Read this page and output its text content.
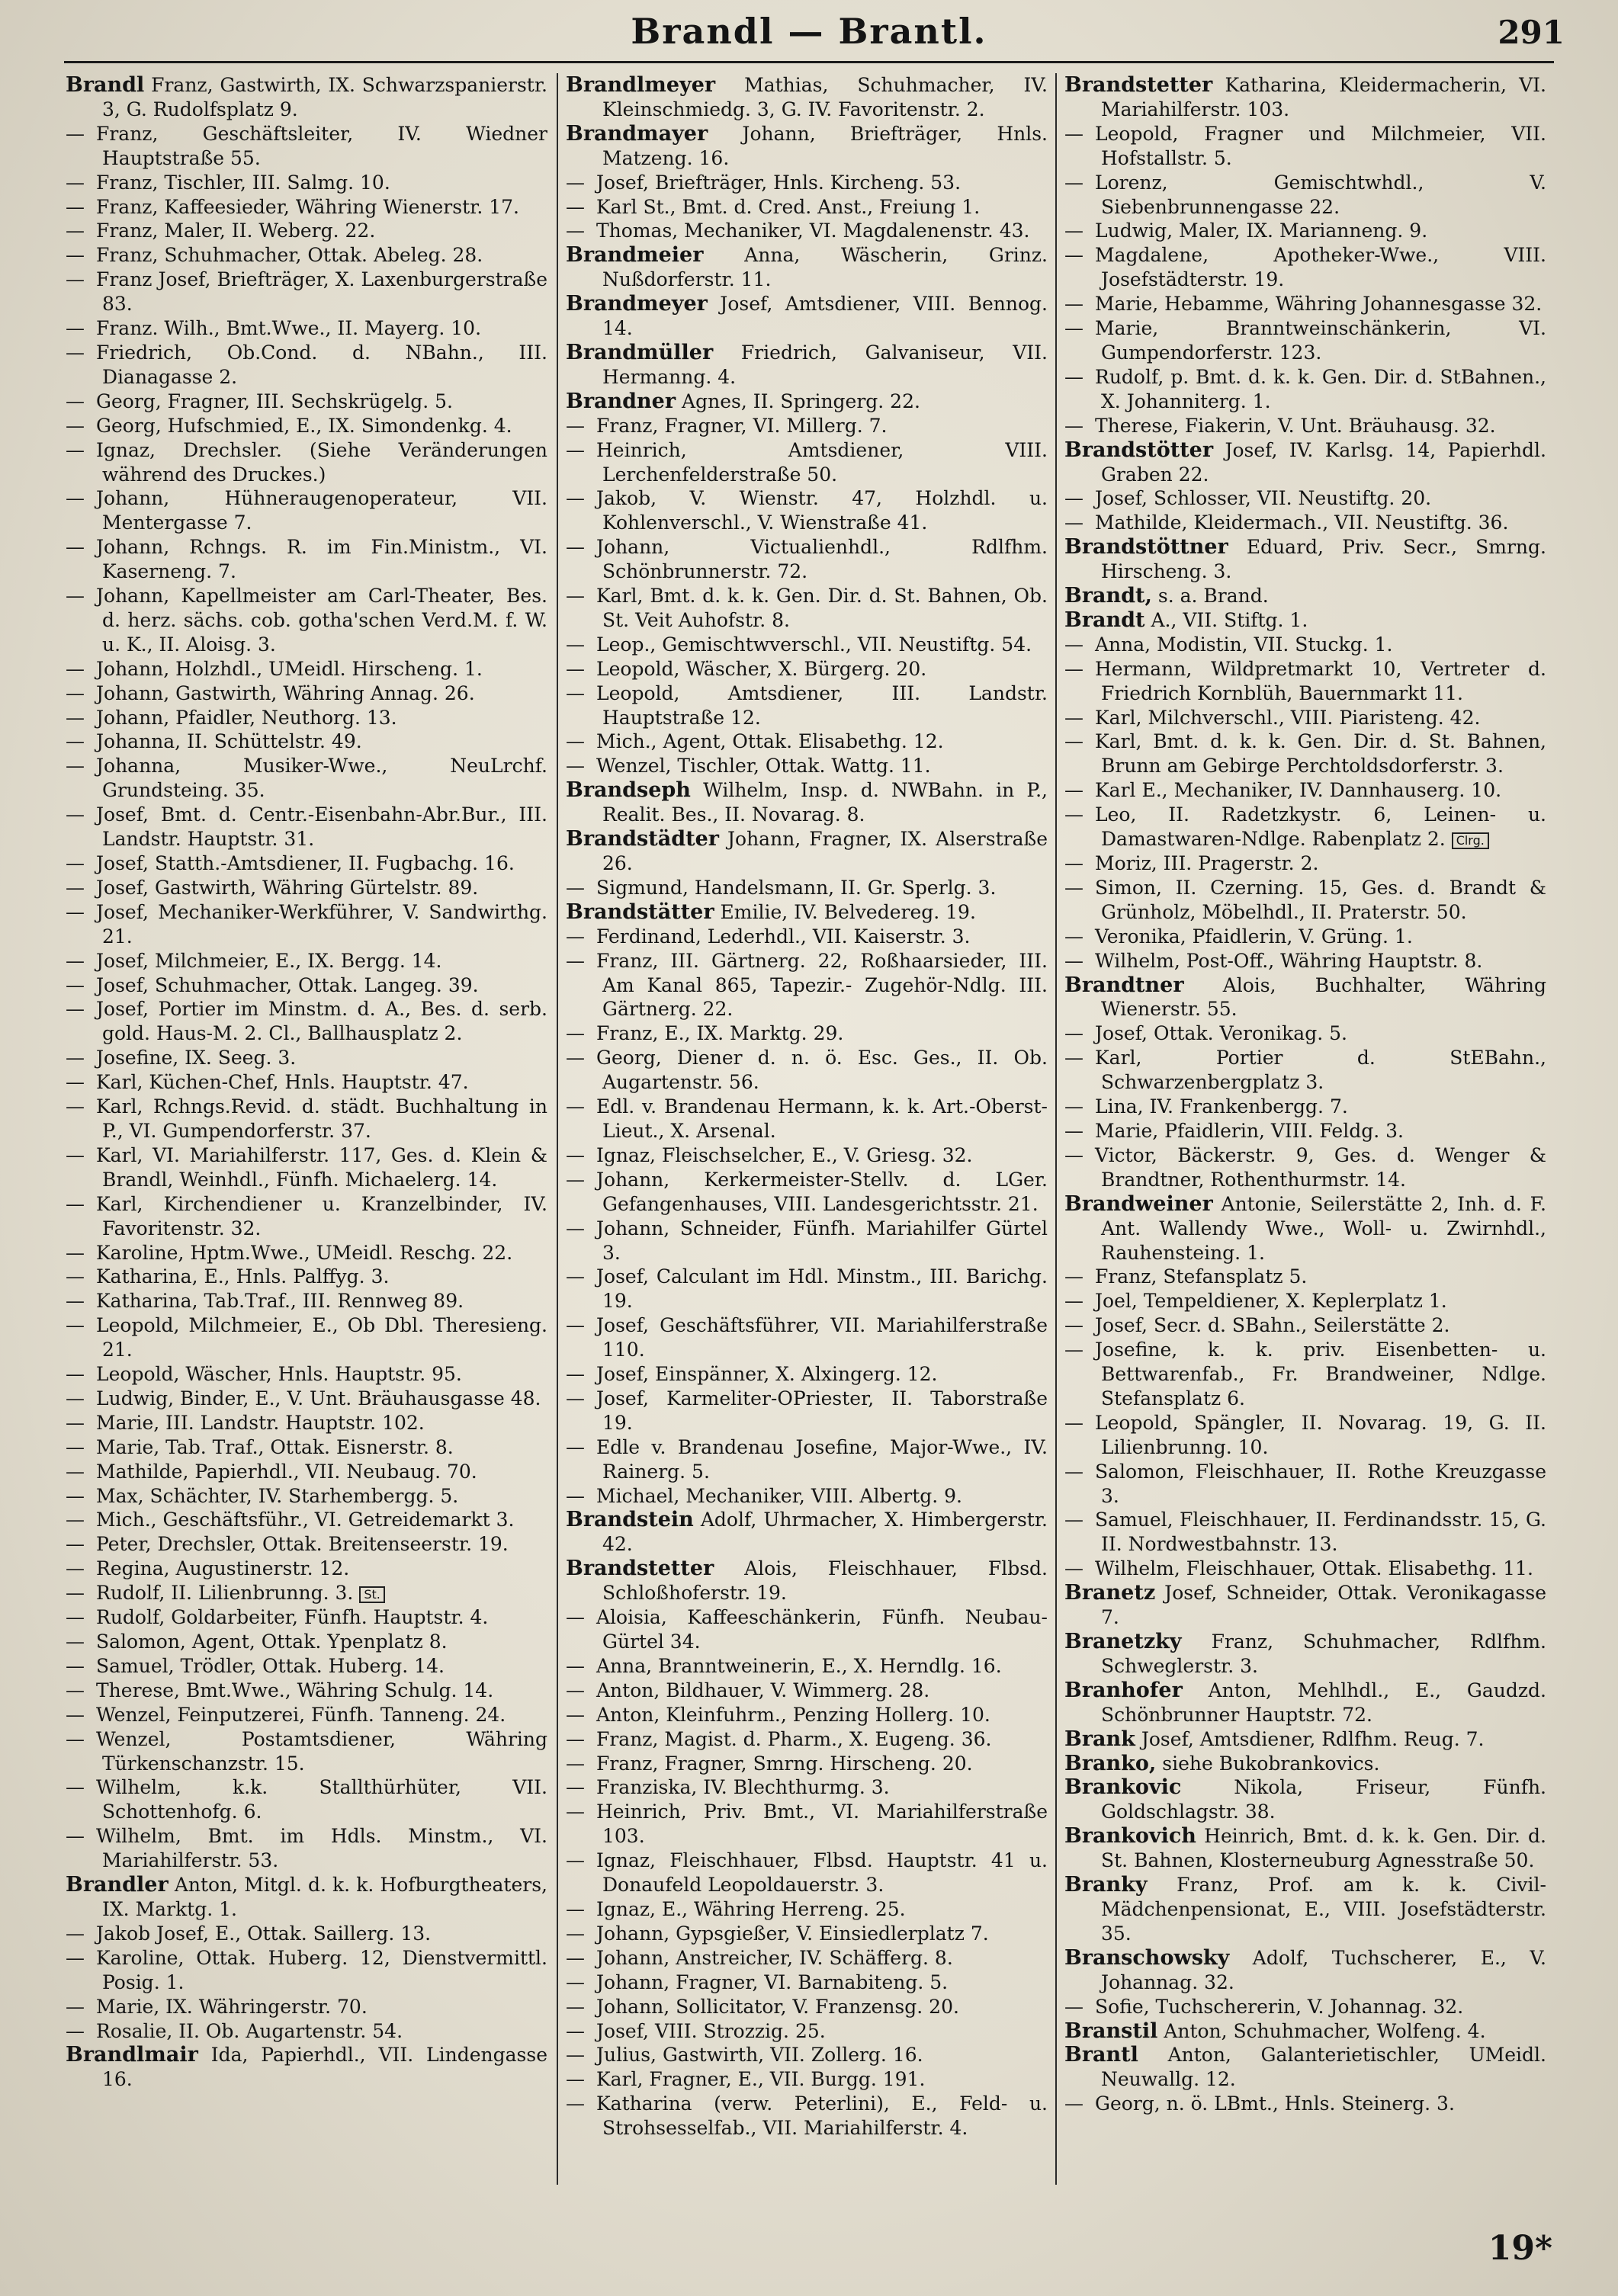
Brandl — Brantl.	291

Brandl Franz, Gastwirth, IX. Schwarzspanierstr. 3, G. Rudolfsplatz 9.

— Franz, Geschäftsleiter, IV. Wiedner Hauptstraße 55.

— Franz, Tischler, III. Salmg. 10.

— Franz, Kaffeesieder, Währing Wienerstr. 17.

— Franz, Maler, II. Weberg. 22.

— Franz, Schuhmacher, Ottak. Abeleg. 28.

— Franz Josef, Briefträger, X. Laxenburgerstraße 83.

— Franz. Wilh., Bmt.Wwe., II. Mayerg. 10.

— Friedrich, Ob.Cond. d. NBahn., III. Dianagasse 2.

— Georg, Fragner, III. Sechskrügelg. 5.

— Georg, Hufschmied, E., IX. Simondenkg. 4.

— Ignaz, Drechsler. (Siehe Veränderungen während des Druckes.)

— Johann, Hühneraugenoperateur, VII. Mentergasse 7.

— Johann, Rchngs. R. im Fin.Ministm., VI. Kaserneng. 7.

— Johann, Kapellmeister am Carl-Theater, Bes. d. herz. sächs. cob. gotha'schen Verd.M. f. W. u. K., II. Aloisg. 3.

— Johann, Holzhdl., UMeidl. Hirscheng. 1.

— Johann, Gastwirth, Währing Annag. 26.

— Johann, Pfaidler, Neuthorg. 13.

— Johanna, II. Schüttelstr. 49.

— Johanna, Musiker-Wwe., NeuLrchf. Grundsteing. 35.

— Josef, Bmt. d. Centr.-Eisenbahn-Abr.Bur., III. Landstr. Hauptstr. 31.

— Josef, Statth.-Amtsdiener, II. Fugbachg. 16.

— Josef, Gastwirth, Währing Gürtelstr. 89.

— Josef, Mechaniker-Werkführer, V. Sandwirthg. 21.

— Josef, Milchmeier, E., IX. Bergg. 14.

— Josef, Schuhmacher, Ottak. Langeg. 39.

— Josef, Portier im Minstm. d. A., Bes. d. serb. gold. Haus-M. 2. Cl., Ballhausplatz 2.

— Josefine, IX. Seeg. 3.

— Karl, Küchen-Chef, Hnls. Hauptstr. 47.

— Karl, Rchngs.Revid. d. städt. Buchhaltung in P., VI. Gumpendorferstr. 37.

— Karl, VI. Mariahilferstr. 117, Ges. d. Klein & Brandl, Weinhdl., Fünfh. Michaelerg. 14.

— Karl, Kirchendiener u. Kranzelbinder, IV. Favoritenstr. 32.

— Karoline, Hptm.Wwe., UMeidl. Reschg. 22.

— Katharina, E., Hnls. Palffyg. 3.

— Katharina, Tab.Traf., III. Rennweg 89.

— Leopold, Milchmeier, E., Ob Dbl. Theresieng. 21.

— Leopold, Wäscher, Hnls. Hauptstr. 95.

— Ludwig, Binder, E., V. Unt. Bräuhausgasse 48.

— Marie, III. Landstr. Hauptstr. 102.

— Marie, Tab. Traf., Ottak. Eisnerstr. 8.

— Mathilde, Papierhdl., VII. Neubaug. 70.

— Max, Schächter, IV. Starhembergg. 5.

— Mich., Geschäftsführ., VI. Getreidemarkt 3.

— Peter, Drechsler, Ottak. Breitenseerstr. 19.

— Regina, Augustinerstr. 12.

— Rudolf, II. Lilienbrunng. 3. St.

— Rudolf, Goldarbeiter, Fünfh. Hauptstr. 4.

— Salomon, Agent, Ottak. Ypenplatz 8.

— Samuel, Trödler, Ottak. Huberg. 14.

— Therese, Bmt.Wwe., Währing Schulg. 14.

— Wenzel, Feinputzerei, Fünfh. Tanneng. 24.

— Wenzel, Postamtsdiener, Währing Türkenschanzstr. 15.

— Wilhelm, k.k. Stallthürhüter, VII. Schottenhofg. 6.

— Wilhelm, Bmt. im Hdls. Minstm., VI. Mariahilferstr. 53.

Brandler Anton, Mitgl. d. k. k. Hofburgtheaters, IX. Marktg. 1.

— Jakob Josef, E., Ottak. Saillerg. 13.

— Karoline, Ottak. Huberg. 12, Dienstvermittl. Posig. 1.

— Marie, IX. Währingerstr. 70.

— Rosalie, II. Ob. Augartenstr. 54.

Brandlmair Ida, Papierhdl., VII. Lindengasse 16.

Brandlmeyer Mathias, Schuhmacher, IV. Kleinschmiedg. 3, G. IV. Favoritenstr. 2.

Brandmayer Johann, Briefträger, Hnls. Matzeng. 16.

— Josef, Briefträger, Hnls. Kircheng. 53.

— Karl St., Bmt. d. Cred. Anst., Freiung 1.

— Thomas, Mechaniker, VI. Magdalenenstr. 43.

Brandmeier Anna, Wäscherin, Grinz. Nußdorferstr. 11.

Brandmeyer Josef, Amtsdiener, VIII. Bennog. 14.

Brandmüller Friedrich, Galvaniseur, VII. Hermanng. 4.

Brandner Agnes, II. Springerg. 22.

— Franz, Fragner, VI. Millerg. 7.

— Heinrich, Amtsdiener, VIII. Lerchenfelderstraße 50.

— Jakob, V. Wienstr. 47, Holzhdl. u. Kohlenverschl., V. Wienstraße 41.

— Johann, Victualienhdl., Rdlfhm. Schönbrunnerstr. 72.

— Karl, Bmt. d. k. k. Gen. Dir. d. St. Bahnen, Ob. St. Veit Auhofstr. 8.

— Leop., Gemischtwverschl., VII. Neustiftg. 54.

— Leopold, Wäscher, X. Bürgerg. 20.

— Leopold, Amtsdiener, III. Landstr. Hauptstraße 12.

— Mich., Agent, Ottak. Elisabethg. 12.

— Wenzel, Tischler, Ottak. Wattg. 11.

Brandseph Wilhelm, Insp. d. NWBahn. in P., Realit. Bes., II. Novarag. 8.

Brandstädter Johann, Fragner, IX. Alserstraße 26.

— Sigmund, Handelsmann, II. Gr. Sperlg. 3.

Brandstätter Emilie, IV. Belvedereg. 19.

— Ferdinand, Lederhdl., VII. Kaiserstr. 3.

— Franz, III. Gärtnerg. 22, Roßhaarsieder, III. Am Kanal 865, Tapezir.- Zugehör-Ndlg. III. Gärtnerg. 22.

— Franz, E., IX. Marktg. 29.

— Georg, Diener d. n. ö. Esc. Ges., II. Ob. Augartenstr. 56.

— Edl. v. Brandenau Hermann, k. k. Art.-Oberst-Lieut., X. Arsenal.

— Ignaz, Fleischselcher, E., V. Griesg. 32.

— Johann, Kerkermeister-Stellv. d. LGer. Gefangenhauses, VIII. Landesgerichtsstr. 21.

— Johann, Schneider, Fünfh. Mariahilfer Gürtel 3.

— Josef, Calculant im Hdl. Minstm., III. Barichg. 19.

— Josef, Geschäftsführer, VII. Mariahilferstraße 110.

— Josef, Einspänner, X. Alxingerg. 12.

— Josef, Karmeliter-OPriester, II. Taborstraße 19.

— Edle v. Brandenau Josefine, Major-Wwe., IV. Rainerg. 5.

— Michael, Mechaniker, VIII. Albertg. 9.

Brandstein Adolf, Uhrmacher, X. Himbergerstr. 42.

Brandstetter Alois, Fleischhauer, Flbsd. Schloßhoferstr. 19.

— Aloisia, Kaffeeschänkerin, Fünfh. Neubau-Gürtel 34.

— Anna, Branntweinerin, E., X. Herndlg. 16.

— Anton, Bildhauer, V. Wimmerg. 28.

— Anton, Kleinfuhrm., Penzing Hollerg. 10.

— Franz, Magist. d. Pharm., X. Eugeng. 36.

— Franz, Fragner, Smrng. Hirscheng. 20.

— Franziska, IV. Blechthurmg. 3.

— Heinrich, Priv. Bmt., VI. Mariahilferstraße 103.

— Ignaz, Fleischhauer, Flbsd. Hauptstr. 41 u. Donaufeld Leopoldauerstr. 3.

— Ignaz, E., Währing Herreng. 25.

— Johann, Gypsgießer, V. Einsiedlerplatz 7.

— Johann, Anstreicher, IV. Schäfferg. 8.

— Johann, Fragner, VI. Barnabiteng. 5.

— Johann, Sollicitator, V. Franzensg. 20.

— Josef, VIII. Strozzig. 25.

— Julius, Gastwirth, VII. Zollerg. 16.

— Karl, Fragner, E., VII. Burgg. 191.

— Katharina (verw. Peterlini), E., Feld- u. Strohsesselfab., VII. Mariahilferstr. 4.

Brandstetter Katharina, Kleidermacherin, VI. Mariahilferstr. 103.

— Leopold, Fragner und Milchmeier, VII. Hofstallstr. 5.

— Lorenz, Gemischtwhdl., V. Siebenbrunnengasse 22.

— Ludwig, Maler, IX. Marianneng. 9.

— Magdalene, Apotheker-Wwe., VIII. Josefstädterstr. 19.

— Marie, Hebamme, Währing Johannesgasse 32.

— Marie, Branntweinschänkerin, VI. Gumpendorferstr. 123.

— Rudolf, p. Bmt. d. k. k. Gen. Dir. d. StBahnen., X. Johanniterg. 1.

— Therese, Fiakerin, V. Unt. Bräuhausg. 32.

Brandstötter Josef, IV. Karlsg. 14, Papierhdl. Graben 22.

— Josef, Schlosser, VII. Neustiftg. 20.

— Mathilde, Kleidermach., VII. Neustiftg. 36.

Brandstöttner Eduard, Priv. Secr., Smrng. Hirscheng. 3.

Brandt, s. a. Brand.

Brandt A., VII. Stiftg. 1.

— Anna, Modistin, VII. Stuckg. 1.

— Hermann, Wildpretmarkt 10, Vertreter d. Friedrich Kornblüh, Bauernmarkt 11.

— Karl, Milchverschl., VIII. Piaristeng. 42.

— Karl, Bmt. d. k. k. Gen. Dir. d. St. Bahnen, Brunn am Gebirge Perchtoldsdorferstr. 3.

— Karl E., Mechaniker, IV. Dannhauserg. 10.

— Leo, II. Radetzkystr. 6, Leinen- u. Damastwaren-Ndlge. Rabenplatz 2. Clrg.

— Moriz, III. Pragerstr. 2.

— Simon, II. Czerning. 15, Ges. d. Brandt & Grünholz, Möbelhdl., II. Praterstr. 50.

— Veronika, Pfaidlerin, V. Grüng. 1.

— Wilhelm, Post-Off., Währing Hauptstr. 8.

Brandtner Alois, Buchhalter, Währing Wienerstr. 55.

— Josef, Ottak. Veronikag. 5.

— Karl, Portier d. StEBahn., Schwarzenbergplatz 3.

— Lina, IV. Frankenbergg. 7.

— Marie, Pfaidlerin, VIII. Feldg. 3.

— Victor, Bäckerstr. 9, Ges. d. Wenger & Brandtner, Rothenthurmstr. 14.

Brandweiner Antonie, Seilerstätte 2, Inh. d. F. Ant. Wallendy Wwe., Woll- u. Zwirnhdl., Rauhensteing. 1.

— Franz, Stefansplatz 5.

— Joel, Tempeldiener, X. Keplerplatz 1.

— Josef, Secr. d. SBahn., Seilerstätte 2.

— Josefine, k. k. priv. Eisenbetten- u. Bettwarenfab., Fr. Brandweiner, Ndlge. Stefansplatz 6.

— Leopold, Spängler, II. Novarag. 19, G. II. Lilienbrunng. 10.

— Salomon, Fleischhauer, II. Rothe Kreuzgasse 3.

— Samuel, Fleischhauer, II. Ferdinandsstr. 15, G. II. Nordwestbahnstr. 13.

— Wilhelm, Fleischhauer, Ottak. Elisabethg. 11.

Branetz Josef, Schneider, Ottak. Veronikagasse 7.

Branetzky Franz, Schuhmacher, Rdlfhm. Schweglerstr. 3.

Branhofer Anton, Mehlhdl., E., Gaudzd. Schönbrunner Hauptstr. 72.

Brank Josef, Amtsdiener, Rdlfhm. Reug. 7.

Branko, siehe Bukobrankovics.

Brankovic Nikola, Friseur, Fünfh. Goldschlagstr. 38.

Brankovich Heinrich, Bmt. d. k. k. Gen. Dir. d. St. Bahnen, Klosterneuburg Agnesstraße 50.

Branky Franz, Prof. am k. k. Civil-Mädchenpensionat, E., VIII. Josefstädterstr. 35.

Branschowsky Adolf, Tuchscherer, E., V. Johannag. 32.

— Sofie, Tuchschererin, V. Johannag. 32.

Branstil Anton, Schuhmacher, Wolfeng. 4.

Brantl Anton, Galanterietischler, UMeidl. Neuwallg. 12.

— Georg, n. ö. LBmt., Hnls. Steinerg. 3.

19*
